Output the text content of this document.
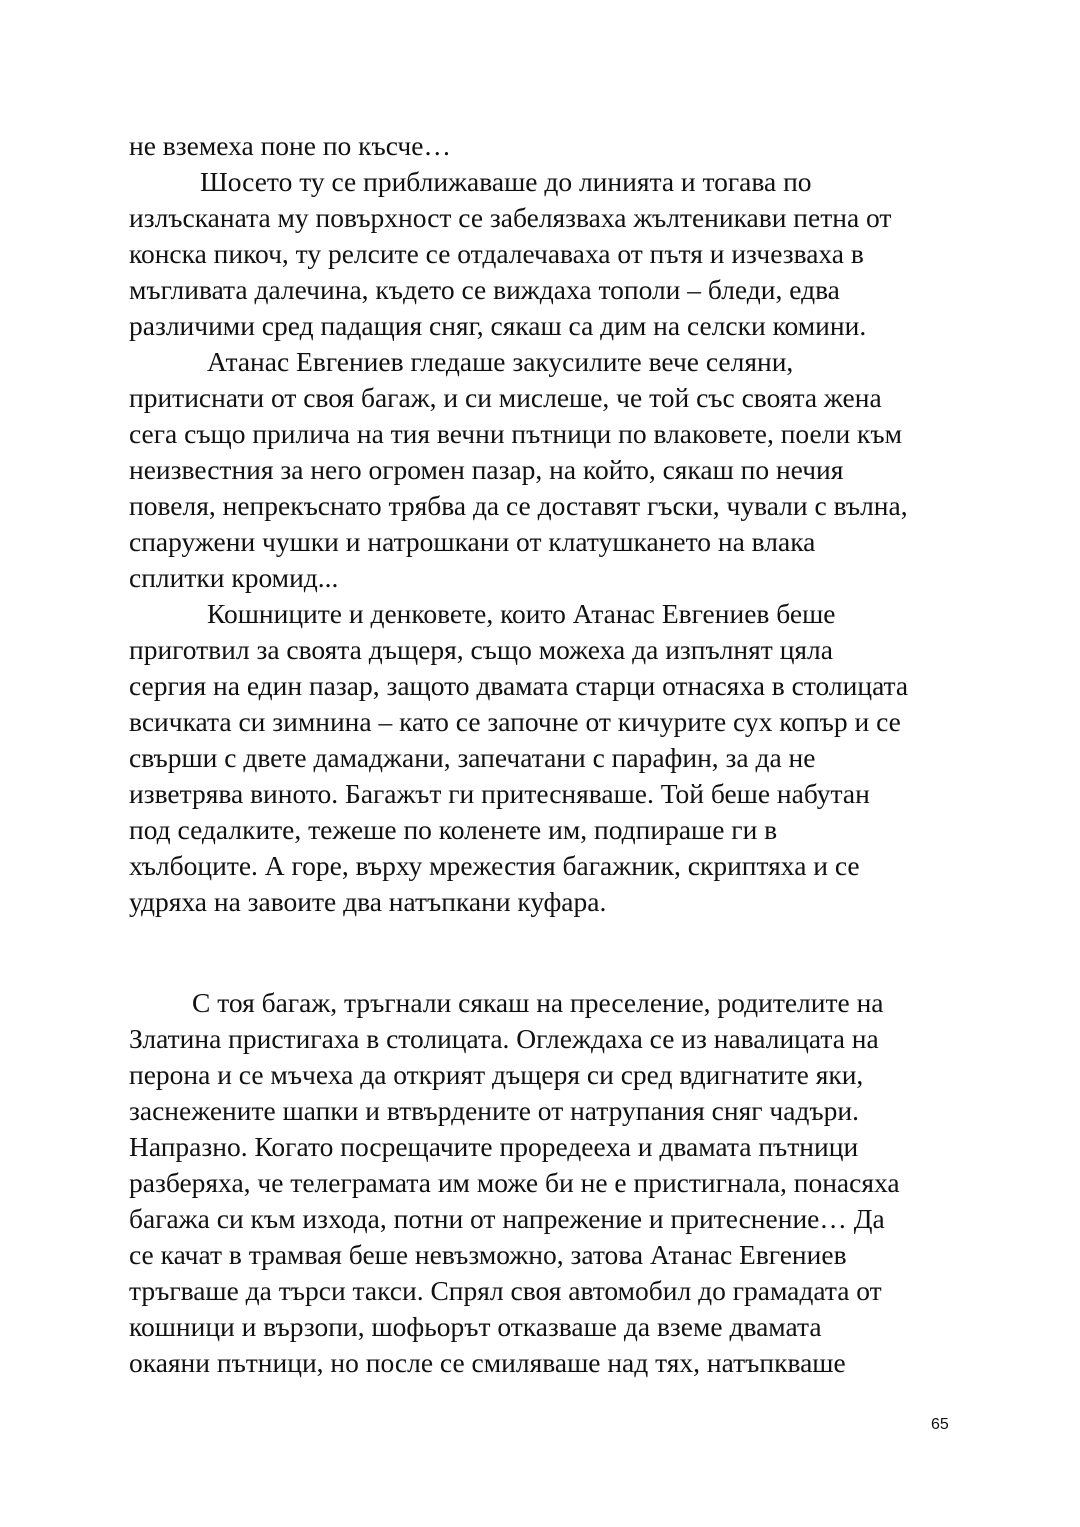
не вземеха поне по късче…

Шосето ту се приближаваше до линията и тогава по

излъсканата му повърхност се забелязваха жълтеникави петна от

конска пикоч, ту релсите се отдалечаваха от пътя и изчезваха в

мъгливата далечина, където се виждаха тополи – бледи, едва

различими сред падащия сняг, сякаш са дим на селски комини.

Атанас Евгениев гледаше закусилите вече селяни,

притиснати от своя багаж, и си мислеше, че той със своята жена

сега също прилича на тия вечни пътници по влаковете, поели към

неизвестния за него огромен пазар, на който, сякаш по нечия

повеля, непрекъснато трябва да се доставят гъски, чували с вълна,

спаружени чушки и натрошкани от клатушкането на влака

сплитки кромид...

Кошниците и денковете, които Атанас Евгениев беше

приготвил за своята дъщеря, също можеха да изпълнят цяла

сергия на един пазар, защото двамата старци отнасяха в столицата

всичката си зимнина – като се започне от кичурите сух копър и се

свърши с двете дамаджани, запечатани с парафин, за да не

изветрява виното. Багажът ги притесняваше. Той беше набутан

под седалките, тежеше по коленете им, подпираше ги в

хълбоците. А горе, върху мрежестия багажник, скриптяха и се

удряха на завоите два натъпкани куфара.

С тоя багаж, тръгнали сякаш на преселение, родителите на

Златина пристигаха в столицата. Оглеждаха се из навалицата на

перона и се мъчеха да открият дъщеря си сред вдигнатите яки,

заснежените шапки и втвърдените от натрупания сняг чадъри.

Напразно. Когато посрещачите проредееха и двамата пътници

разберяха, че телеграмата им може би не е пристигнала, понасяха

багажа си към изхода, потни от напрежение и притеснение… Да

се качат в трамвая беше невъзможно, затова Атанас Евгениев

тръгваше да търси такси. Спрял своя автомобил до грамадата от

кошници и вързопи, шофьорът отказваше да вземе двамата

окаяни пътници, но после се смиляваше над тях, натъпкваше

65
